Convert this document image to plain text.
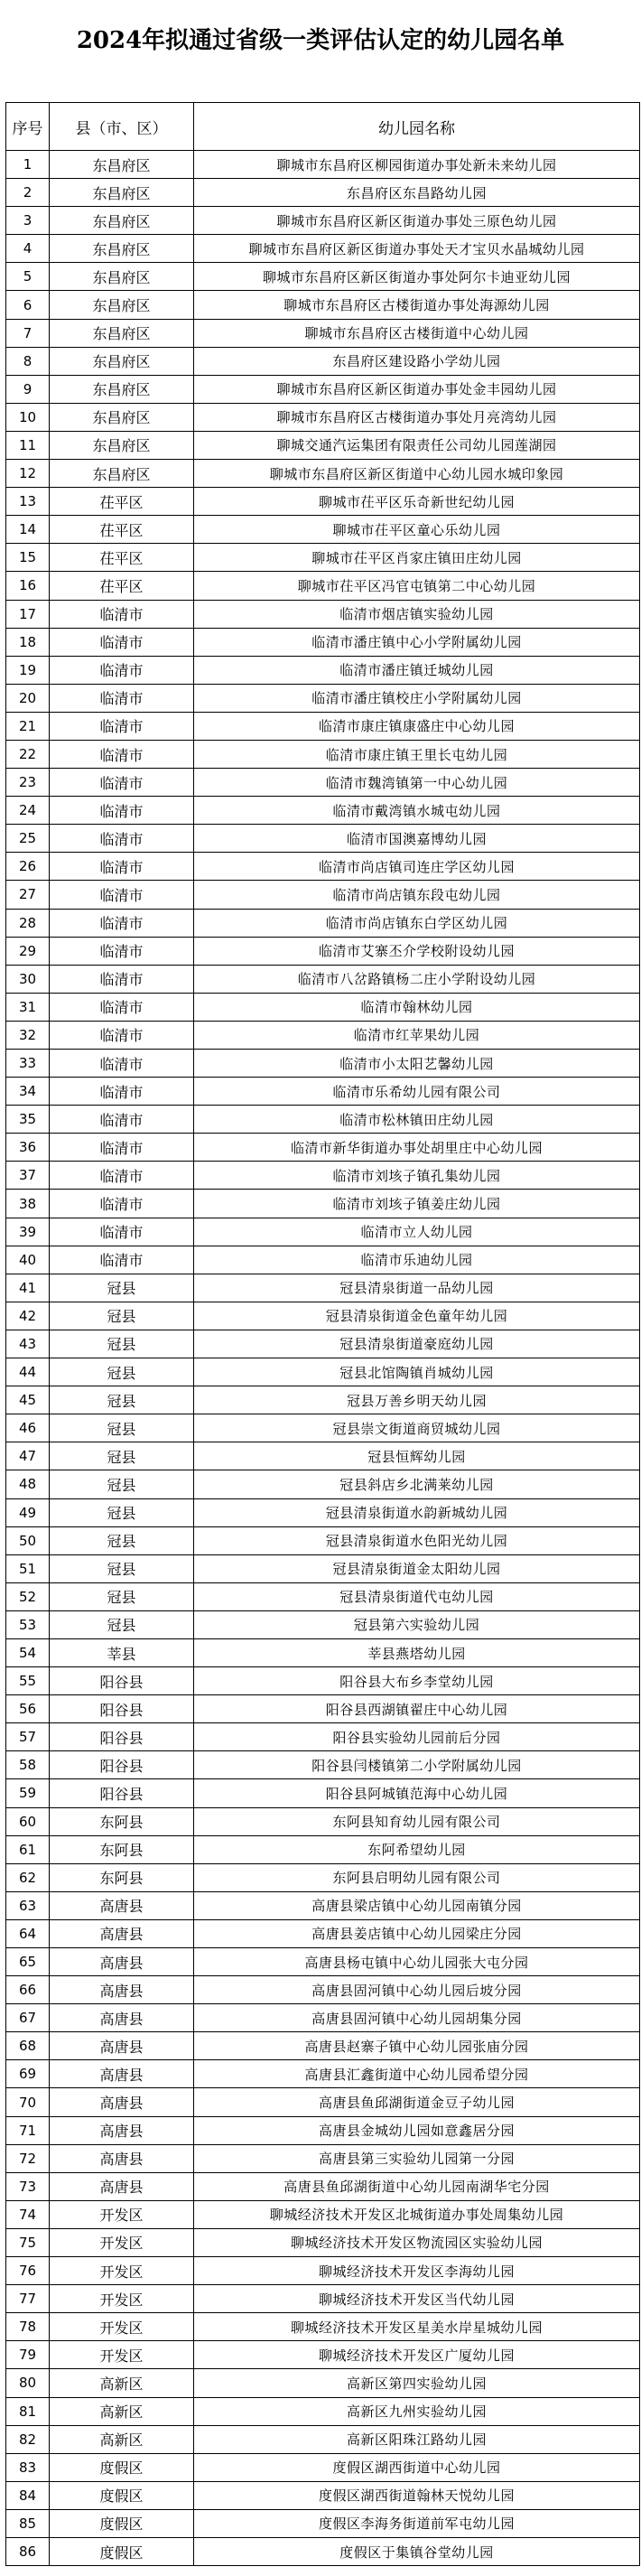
2024年拟通过省级一类评估认定的幼儿园名单
序号	县（市、区）	幼儿园名称
1	东昌府区	聊城市东昌府区柳园街道办事处新未来幼儿园
2	东昌府区	东昌府区东昌路幼儿园
3	东昌府区	聊城市东昌府区新区街道办事处三原色幼儿园
4	东昌府区	聊城市东昌府区新区街道办事处天才宝贝水晶城幼儿园
5	东昌府区	聊城市东昌府区新区街道办事处阿尔卡迪亚幼儿园
6	东昌府区	聊城市东昌府区古楼街道办事处海源幼儿园
7	东昌府区	聊城市东昌府区古楼街道中心幼儿园
8	东昌府区	东昌府区建设路小学幼儿园
9	东昌府区	聊城市东昌府区新区街道办事处金丰园幼儿园
10	东昌府区	聊城市东昌府区古楼街道办事处月亮湾幼儿园
11	东昌府区	聊城交通汽运集团有限责任公司幼儿园莲湖园
12	东昌府区	聊城市东昌府区新区街道中心幼儿园水城印象园
13	茌平区	聊城市茌平区乐奇新世纪幼儿园
14	茌平区	聊城市茌平区童心乐幼儿园
15	茌平区	聊城市茌平区肖家庄镇田庄幼儿园
16	茌平区	聊城市茌平区冯官屯镇第二中心幼儿园
17	临清市	临清市烟店镇实验幼儿园
18	临清市	临清市潘庄镇中心小学附属幼儿园
19	临清市	临清市潘庄镇迁城幼儿园
20	临清市	临清市潘庄镇校庄小学附属幼儿园
21	临清市	临清市康庄镇康盛庄中心幼儿园
22	临清市	临清市康庄镇王里长屯幼儿园
23	临清市	临清市魏湾镇第一中心幼儿园
24	临清市	临清市戴湾镇水城屯幼儿园
25	临清市	临清市国澳嘉博幼儿园
26	临清市	临清市尚店镇司连庄学区幼儿园
27	临清市	临清市尚店镇东段屯幼儿园
28	临清市	临清市尚店镇东白学区幼儿园
29	临清市	临清市艾寨丕介学校附设幼儿园
30	临清市	临清市八岔路镇杨二庄小学附设幼儿园
31	临清市	临清市翰林幼儿园
32	临清市	临清市红苹果幼儿园
33	临清市	临清市小太阳艺馨幼儿园
34	临清市	临清市乐希幼儿园有限公司
35	临清市	临清市松林镇田庄幼儿园
36	临清市	临清市新华街道办事处胡里庄中心幼儿园
37	临清市	临清市刘垓子镇孔集幼儿园
38	临清市	临清市刘垓子镇姜庄幼儿园
39	临清市	临清市立人幼儿园
40	临清市	临清市乐迪幼儿园
41	冠县	冠县清泉街道一品幼儿园
42	冠县	冠县清泉街道金色童年幼儿园
43	冠县	冠县清泉街道豪庭幼儿园
44	冠县	冠县北馆陶镇肖城幼儿园
45	冠县	冠县万善乡明天幼儿园
46	冠县	冠县崇文街道商贸城幼儿园
47	冠县	冠县恒辉幼儿园
48	冠县	冠县斜店乡北满莱幼儿园
49	冠县	冠县清泉街道水韵新城幼儿园
50	冠县	冠县清泉街道水色阳光幼儿园
51	冠县	冠县清泉街道金太阳幼儿园
52	冠县	冠县清泉街道代屯幼儿园
53	冠县	冠县第六实验幼儿园
54	莘县	莘县燕塔幼儿园
55	阳谷县	阳谷县大布乡李堂幼儿园
56	阳谷县	阳谷县西湖镇翟庄中心幼儿园
57	阳谷县	阳谷县实验幼儿园前后分园
58	阳谷县	阳谷县闫楼镇第二小学附属幼儿园
59	阳谷县	阳谷县阿城镇范海中心幼儿园
60	东阿县	东阿县知育幼儿园有限公司
61	东阿县	东阿希望幼儿园
62	东阿县	东阿县启明幼儿园有限公司
63	高唐县	高唐县梁店镇中心幼儿园南镇分园
64	高唐县	高唐县姜店镇中心幼儿园梁庄分园
65	高唐县	高唐县杨屯镇中心幼儿园张大屯分园
66	高唐县	高唐县固河镇中心幼儿园后坡分园
67	高唐县	高唐县固河镇中心幼儿园胡集分园
68	高唐县	高唐县赵寨子镇中心幼儿园张庙分园
69	高唐县	高唐县汇鑫街道中心幼儿园希望分园
70	高唐县	高唐县鱼邱湖街道金豆子幼儿园
71	高唐县	高唐县金城幼儿园如意鑫居分园
72	高唐县	高唐县第三实验幼儿园第一分园
73	高唐县	高唐县鱼邱湖街道中心幼儿园南湖华宅分园
74	开发区	聊城经济技术开发区北城街道办事处周集幼儿园
75	开发区	聊城经济技术开发区物流园区实验幼儿园
76	开发区	聊城经济技术开发区李海幼儿园
77	开发区	聊城经济技术开发区当代幼儿园
78	开发区	聊城经济技术开发区星美水岸星城幼儿园
79	开发区	聊城经济技术开发区广厦幼儿园
80	高新区	高新区第四实验幼儿园
81	高新区	高新区九州实验幼儿园
82	高新区	高新区阳珠江路幼儿园
83	度假区	度假区湖西街道中心幼儿园
84	度假区	度假区湖西街道翰林天悦幼儿园
85	度假区	度假区李海务街道前军屯幼儿园
86	度假区	度假区于集镇谷堂幼儿园
